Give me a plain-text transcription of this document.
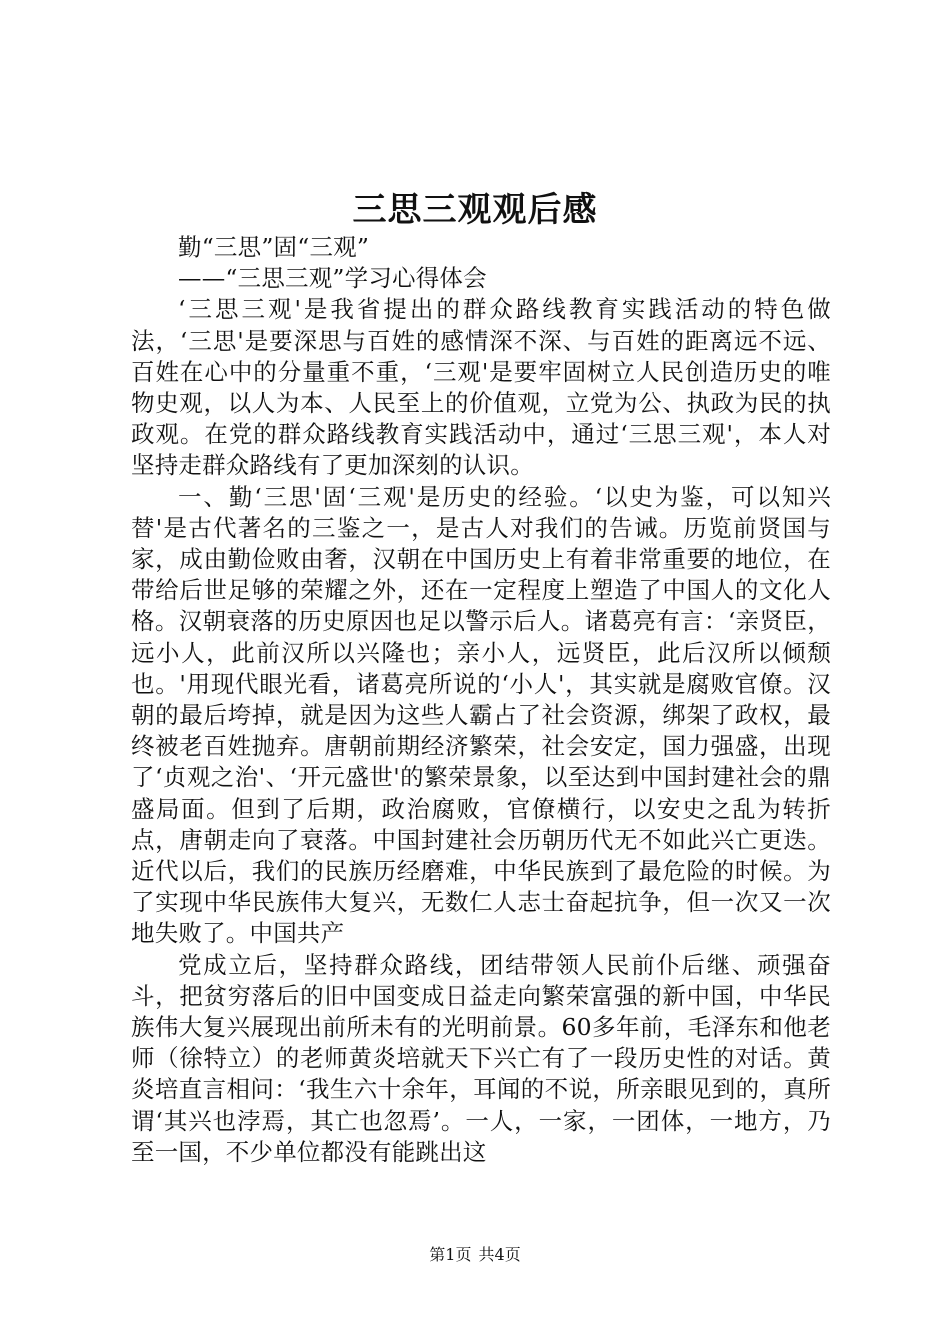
三思三观观后感

勤“三思”固“三观”

——“三思三观”学习心得体会

‘三思三观'是我省提出的群众路线教育实践活动的特色做法，‘三思'是要深思与百姓的感情深不深、与百姓的距离远不远、百姓在心中的分量重不重，‘三观'是要牢固树立人民创造历史的唯物史观，以人为本、人民至上的价值观，立党为公、执政为民的执政观。在党的群众路线教育实践活动中，通过‘三思三观'，本人对坚持走群众路线有了更加深刻的认识。

一、勤‘三思'固‘三观'是历史的经验。‘以史为鉴，可以知兴替'是古代著名的三鉴之一，是古人对我们的告诫。历览前贤国与家，成由勤俭败由奢，汉朝在中国历史上有着非常重要的地位，在带给后世足够的荣耀之外，还在一定程度上塑造了中国人的文化人格。汉朝衰落的历史原因也足以警示后人。诸葛亮有言：‘亲贤臣，远小人，此前汉所以兴隆也；亲小人，远贤臣，此后汉所以倾颓也。'用现代眼光看，诸葛亮所说的‘小人'，其实就是腐败官僚。汉朝的最后垮掉，就是因为这些人霸占了社会资源，绑架了政权，最终被老百姓抛弃。唐朝前期经济繁荣，社会安定，国力强盛，出现了‘贞观之治'、‘开元盛世'的繁荣景象，以至达到中国封建社会的鼎盛局面。但到了后期，政治腐败，官僚横行，以安史之乱为转折点，唐朝走向了衰落。中国封建社会历朝历代无不如此兴亡更迭。近代以后，我们的民族历经磨难，中华民族到了最危险的时候。为了实现中华民族伟大复兴，无数仁人志士奋起抗争，但一次又一次地失败了。中国共产

党成立后，坚持群众路线，团结带领人民前仆后继、顽强奋斗，把贫穷落后的旧中国变成日益走向繁荣富强的新中国，中华民族伟大复兴展现出前所未有的光明前景。60多年前，毛泽东和他老师（徐特立）的老师黄炎培就天下兴亡有了一段历史性的对话。黄炎培直言相问：‘我生六十余年，耳闻的不说，所亲眼见到的，真所谓‘其兴也浡焉，其亡也忽焉’。一人，一家，一团体，一地方，乃至一国，不少单位都没有能跳出这

第1页 共4页
